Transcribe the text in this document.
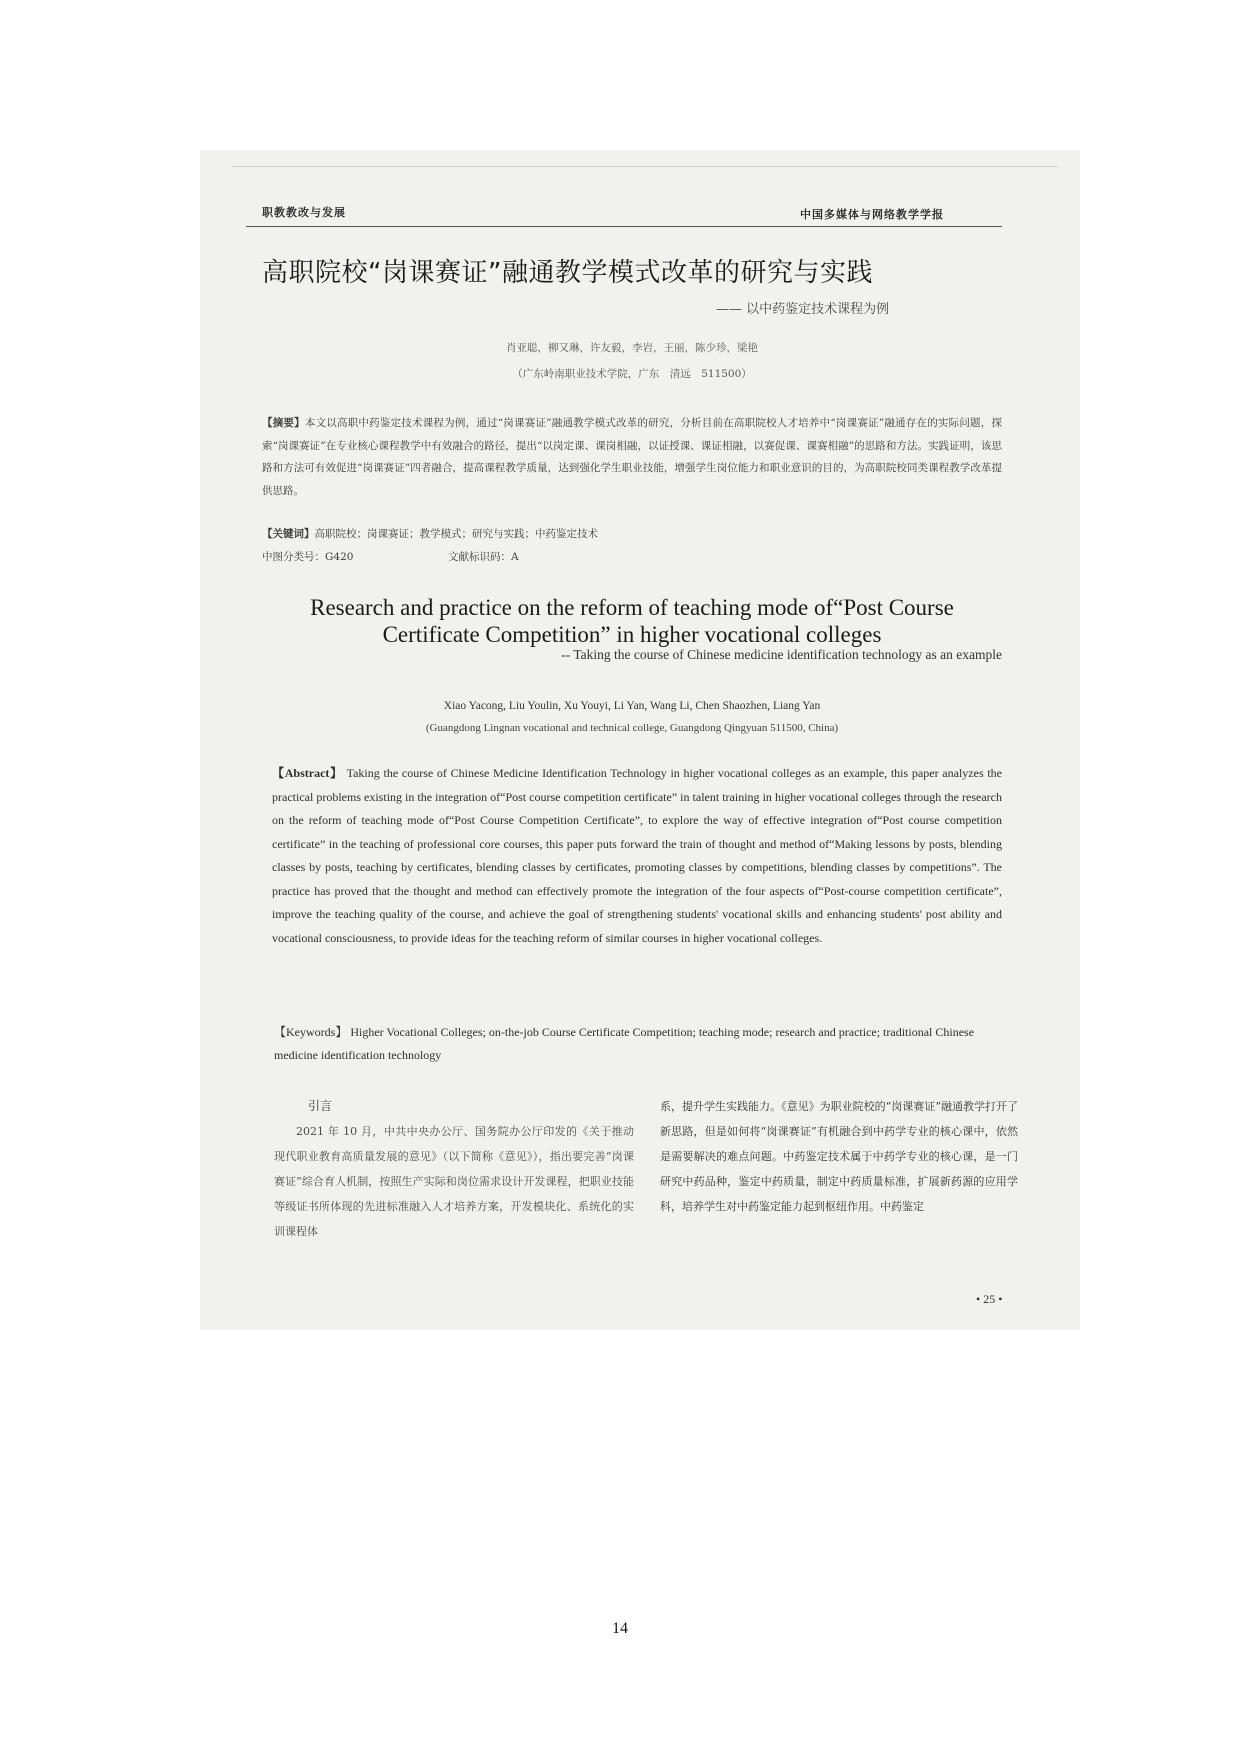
职教教改与发展	中国多媒体与网络教学学报
高职院校“岗课赛证”融通教学模式改革的研究与实践
—— 以中药鉴定技术课程为例
肖亚聪，柳又琳，许友毅，李岩，王丽，陈少珍，梁艳
（广东岭南职业技术学院，广东　清远　511500）
【摘要】本文以高职中药鉴定技术课程为例，通过“岗课赛证”融通教学模式改革的研究，分析目前在高职院校人才培养中“岗课赛证”融通存在的实际问题，探索“岗课赛证”在专业核心课程教学中有效融合的路径，提出“以岗定课、课岗相融，以证授课、课证相融，以赛促课、课赛相融”的思路和方法。实践证明，该思路和方法可有效促进“岗课赛证”四者融合，提高课程教学质量，达到强化学生职业技能，增强学生岗位能力和职业意识的目的，为高职院校同类课程教学改革提供思路。
【关键词】高职院校；岗课赛证；教学模式；研究与实践；中药鉴定技术
中图分类号：G420	文献标识码：A
Research and practice on the reform of teaching mode of“Post Course Certificate Competition” in higher vocational colleges
-- Taking the course of Chinese medicine identification technology as an example
Xiao Yacong, Liu Youlin, Xu Youyi, Li Yan, Wang Li, Chen Shaozhen, Liang Yan
(Guangdong Lingnan vocational and technical college, Guangdong Qingyuan 511500, China)
【Abstract】 Taking the course of Chinese Medicine Identification Technology in higher vocational colleges as an example, this paper analyzes the practical problems existing in the integration of“Post course competition certificate” in talent training in higher vocational colleges through the research on the reform of teaching mode of“Post Course Competition Certificate”, to explore the way of effective integration of“Post course competition certificate” in the teaching of professional core courses, this paper puts forward the train of thought and method of“Making lessons by posts, blending classes by posts, teaching by certificates, blending classes by certificates, promoting classes by competitions, blending classes by competitions”. The practice has proved that the thought and method can effectively promote the integration of the four aspects of“Post-course competition certificate”, improve the teaching quality of the course, and achieve the goal of strengthening students' vocational skills and enhancing students' post ability and vocational consciousness, to provide ideas for the teaching reform of similar courses in higher vocational colleges.
【Keywords】 Higher Vocational Colleges; on-the-job Course Certificate Competition; teaching mode; research and practice; traditional Chinese medicine identification technology
引言
2021 年 10 月，中共中央办公厅、国务院办公厅印发的《关于推动现代职业教育高质量发展的意见》（以下简称《意见》），指出要完善“岗课赛证”综合育人机制，按照生产实际和岗位需求设计开发课程，把职业技能等级证书所体现的先进标准融入人才培养方案，开发模块化、系统化的实训课程体
系，提升学生实践能力。《意见》为职业院校的“岗课赛证”融通教学打开了新思路，但是如何将“岗课赛证”有机融合到中药学专业的核心课中，依然是需要解决的难点问题。中药鉴定技术属于中药学专业的核心课，是一门研究中药品种，鉴定中药质量，制定中药质量标准，扩展新药源的应用学科，培养学生对中药鉴定能力起到枢纽作用。中药鉴定
• 25 •
14
